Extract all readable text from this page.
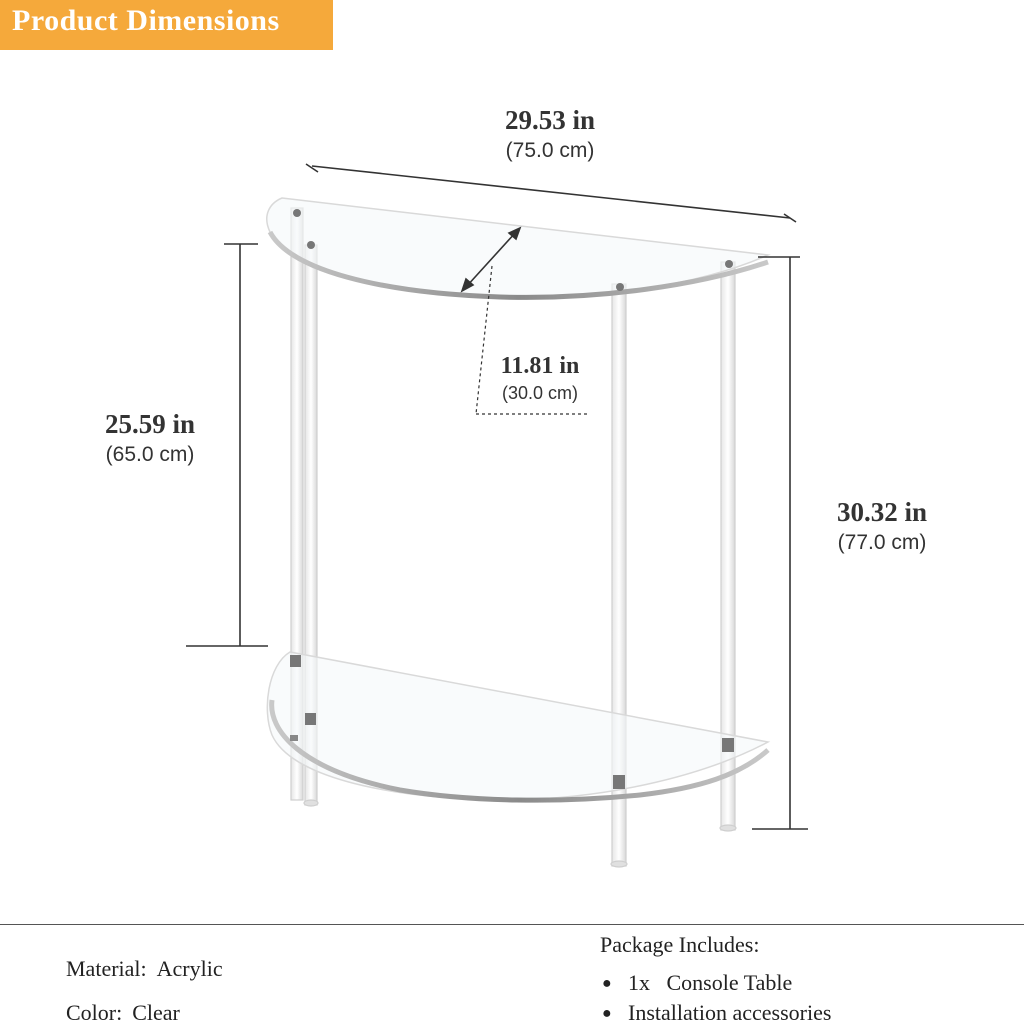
Product Dimensions
29.53 in
(75.0 cm)
11.81 in
(30.0 cm)
25.59 in
(65.0 cm)
30.32 in
(77.0 cm)
Material: Acrylic
Color: Clear
Package Includes:
● 1x   Console Table
● Installation accessories
